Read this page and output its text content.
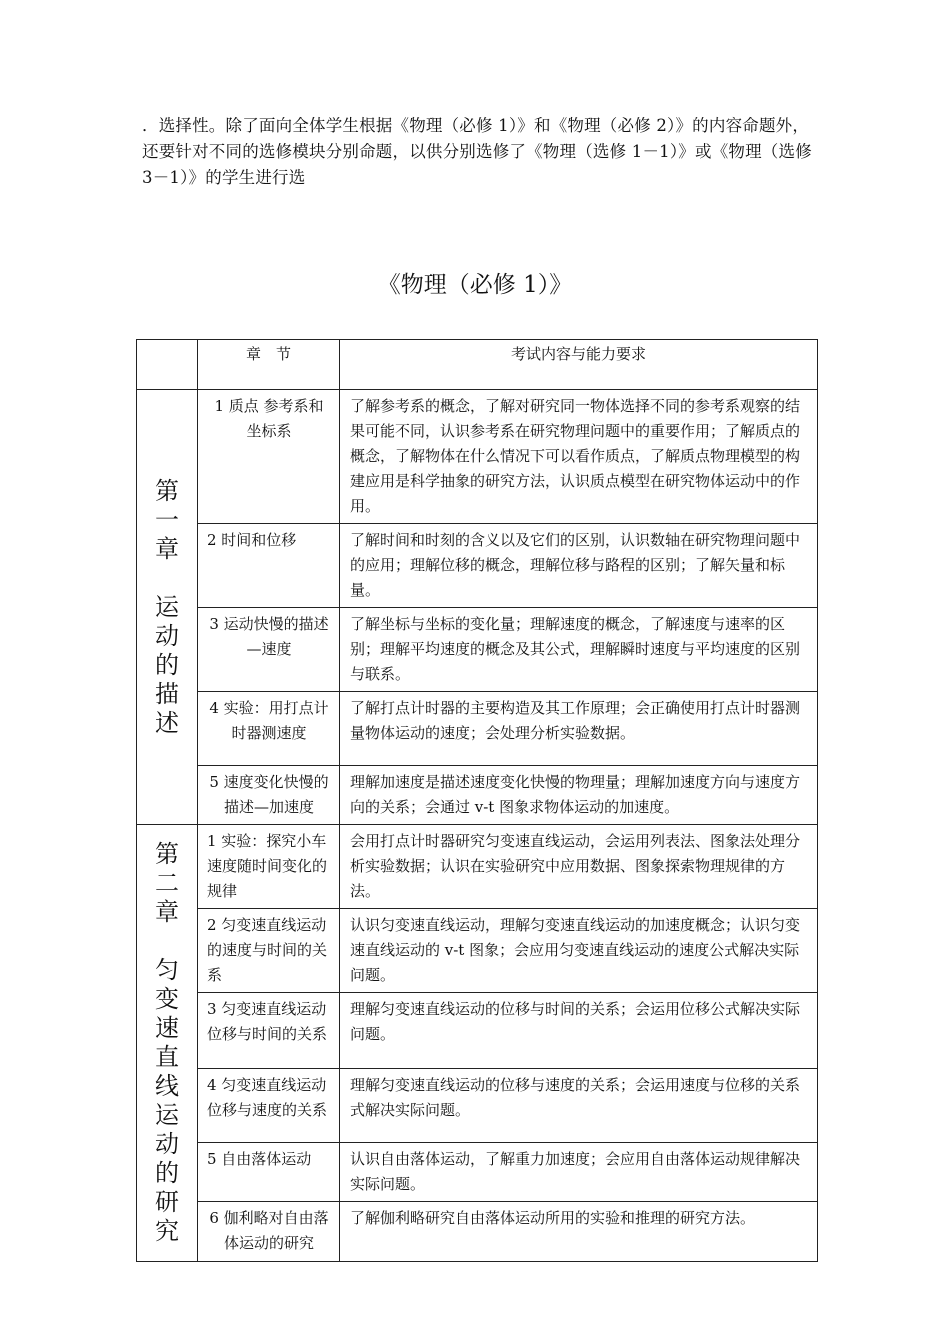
．选择性。除了面向全体学生根据《物理（必修 1）》和《物理（必修 2）》的内容命题外，还要针对不同的选修模块分别命题，以供分别选修了《物理（选修 1－1）》或《物理（选修 3－1）》的学生进行选

《物理（必修 1）》

	章　节	考试内容与能力要求

第一章
运动的描述	1 质点 参考系和坐标系	了解参考系的概念，了解对研究同一物体选择不同的参考系观察的结果可能不同，认识参考系在研究物理问题中的重要作用；了解质点的概念，了解物体在什么情况下可以看作质点，了解质点物理模型的构建应用是科学抽象的研究方法，认识质点模型在研究物体运动中的作用。

	2 时间和位移	了解时间和时刻的含义以及它们的区别，认识数轴在研究物理问题中的应用；理解位移的概念，理解位移与路程的区别；了解矢量和标量。

	3 运动快慢的描述—速度	了解坐标与坐标的变化量；理解速度的概念，了解速度与速率的区别；理解平均速度的概念及其公式，理解瞬时速度与平均速度的区别与联系。

	4 实验：用打点计时器测速度	了解打点计时器的主要构造及其工作原理；会正确使用打点计时器测量物体运动的速度；会处理分析实验数据。

	5 速度变化快慢的描述—加速度	理解加速度是描述速度变化快慢的物理量；理解加速度方向与速度方向的关系；会通过 v-t 图象求物体运动的加速度。

第二章
匀变速直线运动的研究	1 实验：探究小车速度随时间变化的规律	会用打点计时器研究匀变速直线运动，会运用列表法、图象法处理分析实验数据；认识在实验研究中应用数据、图象探索物理规律的方法。

	2 匀变速直线运动的速度与时间的关系	认识匀变速直线运动，理解匀变速直线运动的加速度概念；认识匀变速直线运动的 v-t 图象；会应用匀变速直线运动的速度公式解决实际问题。

	3 匀变速直线运动位移与时间的关系	理解匀变速直线运动的位移与时间的关系；会运用位移公式解决实际问题。

	4 匀变速直线运动位移与速度的关系	理解匀变速直线运动的位移与速度的关系；会运用速度与位移的关系式解决实际问题。

	5 自由落体运动	认识自由落体运动，了解重力加速度；会应用自由落体运动规律解决实际问题。

	6 伽利略对自由落体运动的研究	了解伽利略研究自由落体运动所用的实验和推理的研究方法。
